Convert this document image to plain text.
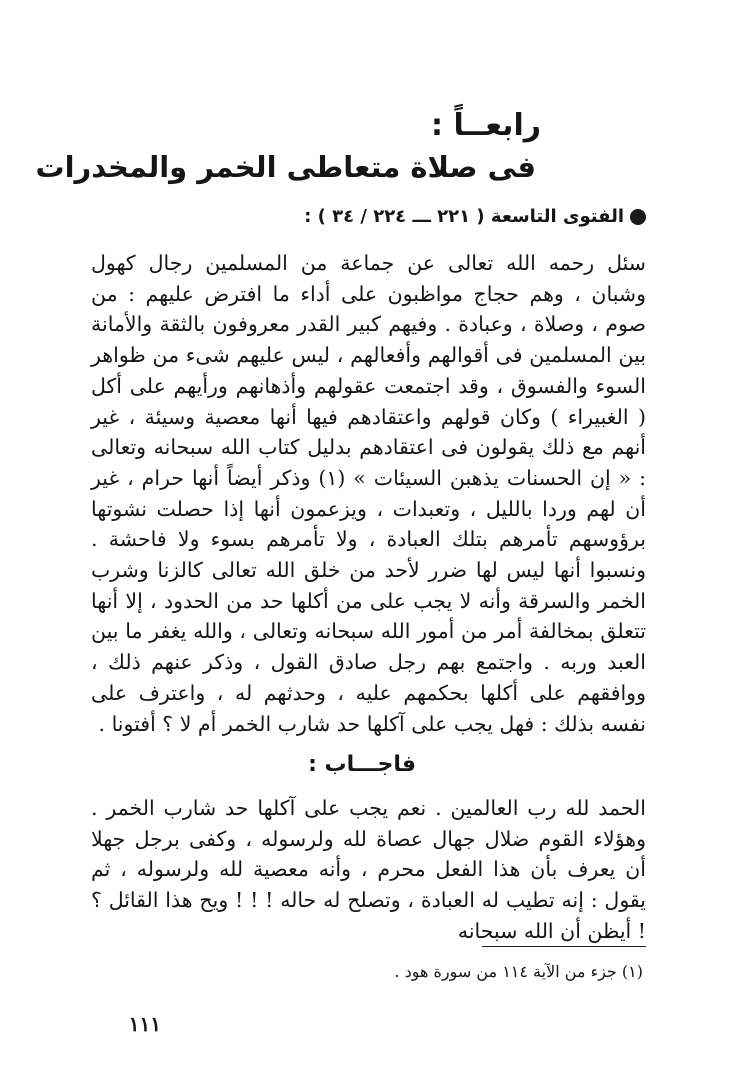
رابعــاً :
فى صلاة متعاطى الخمر والمخدرات
الفتوى التاسعة ( ٢٢١ ـــ ٢٢٤ / ٣٤ ) :
سئل رحمه الله تعالى عن جماعة من المسلمين رجال كهول وشبان ، وهم حجاج مواظبون على أداء ما افترض عليهم : من صوم ، وصلاة ، وعبادة . وفيهم كبير القدر معروفون بالثقة والأمانة بين المسلمين فى أقوالهم وأفعالهم ، ليس عليهم شىء من ظواهر السوء والفسوق ، وقد اجتمعت عقولهم وأذهانهم ورأيهم على أكل ( الغبيراء ) وكان قولهم واعتقادهم فيها أنها معصية وسيئة ، غير أنهم مع ذلك يقولون فى اعتقادهم بدليل كتاب الله سبحانه وتعالى : « إن الحسنات يذهبن السيئات » (١) وذكر أيضاً أنها حرام ، غير أن لهم وردا بالليل ، وتعبدات ، ويزعمون أنها إذا حصلت نشوتها برؤوسهم تأمرهم بتلك العبادة ، ولا تأمرهم بسوء ولا فاحشة . ونسبوا أنها ليس لها ضرر لأحد من خلق الله تعالى كالزنا وشرب الخمر والسرقة وأنه لا يجب على من أكلها حد من الحدود ، إلا أنها تتعلق بمخالفة أمر من أمور الله سبحانه وتعالى ، والله يغفر ما بين العبد وربه . واجتمع بهم رجل صادق القول ، وذكر عنهم ذلك ، ووافقهم على أكلها بحكمهم عليه ، وحدثهم له ، واعترف على نفسه بذلك : فهل يجب على آكلها حد شارب الخمر أم لا ؟ أفتونا .
فاجـــاب :
الحمد لله رب العالمين . نعم يجب على آكلها حد شارب الخمر . وهؤلاء القوم ضلال جهال عصاة لله ولرسوله ، وكفى برجل جهلا أن يعرف بأن هذا الفعل محرم ، وأنه معصية لله ولرسوله ، ثم يقول : إنه تطيب له العبادة ، وتصلح له حاله ! ! ! ويح هذا القائل ؟ ! أيظن أن الله سبحانه
(١) جزء من الآية ١١٤ من سورة هود .
١١١
